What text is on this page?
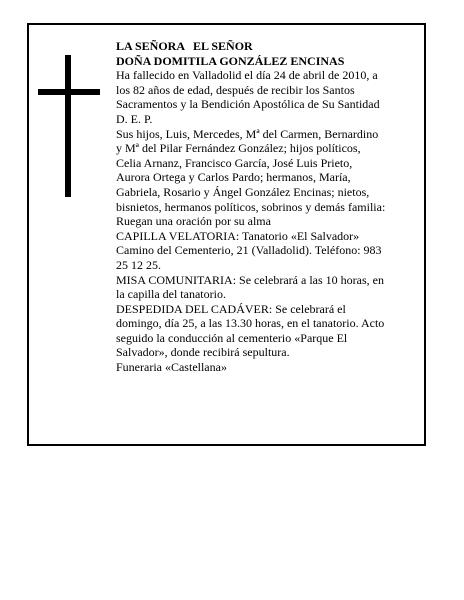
LA SEÑORA EL SEÑOR
DOÑA DOMITILA GONZÁLEZ ENCINAS
Ha fallecido en Valladolid el día 24 de abril de 2010, a
los 82 años de edad, después de recibir los Santos
Sacramentos y la Bendición Apostólica de Su Santidad
D. E. P.
Sus hijos, Luis, Mercedes, Mª del Carmen, Bernardino
y Mª del Pilar Fernández González; hijos políticos,
Celia Arnanz, Francisco García, José Luis Prieto,
Aurora Ortega y Carlos Pardo; hermanos, María,
Gabriela, Rosario y Ángel González Encinas; nietos,
bisnietos, hermanos políticos, sobrinos y demás familia:
Ruegan una oración por su alma
CAPILLA VELATORIA: Tanatorio «El Salvador»
Camino del Cementerio, 21 (Valladolid). Teléfono: 983
25 12 25.
MISA COMUNITARIA: Se celebrará a las 10 horas, en
la capilla del tanatorio.
DESPEDIDA DEL CADÁVER: Se celebrará el
domingo, día 25, a las 13.30 horas, en el tanatorio. Acto
seguido la conducción al cementerio «Parque El
Salvador», donde recibirá sepultura.
Funeraria «Castellana»
